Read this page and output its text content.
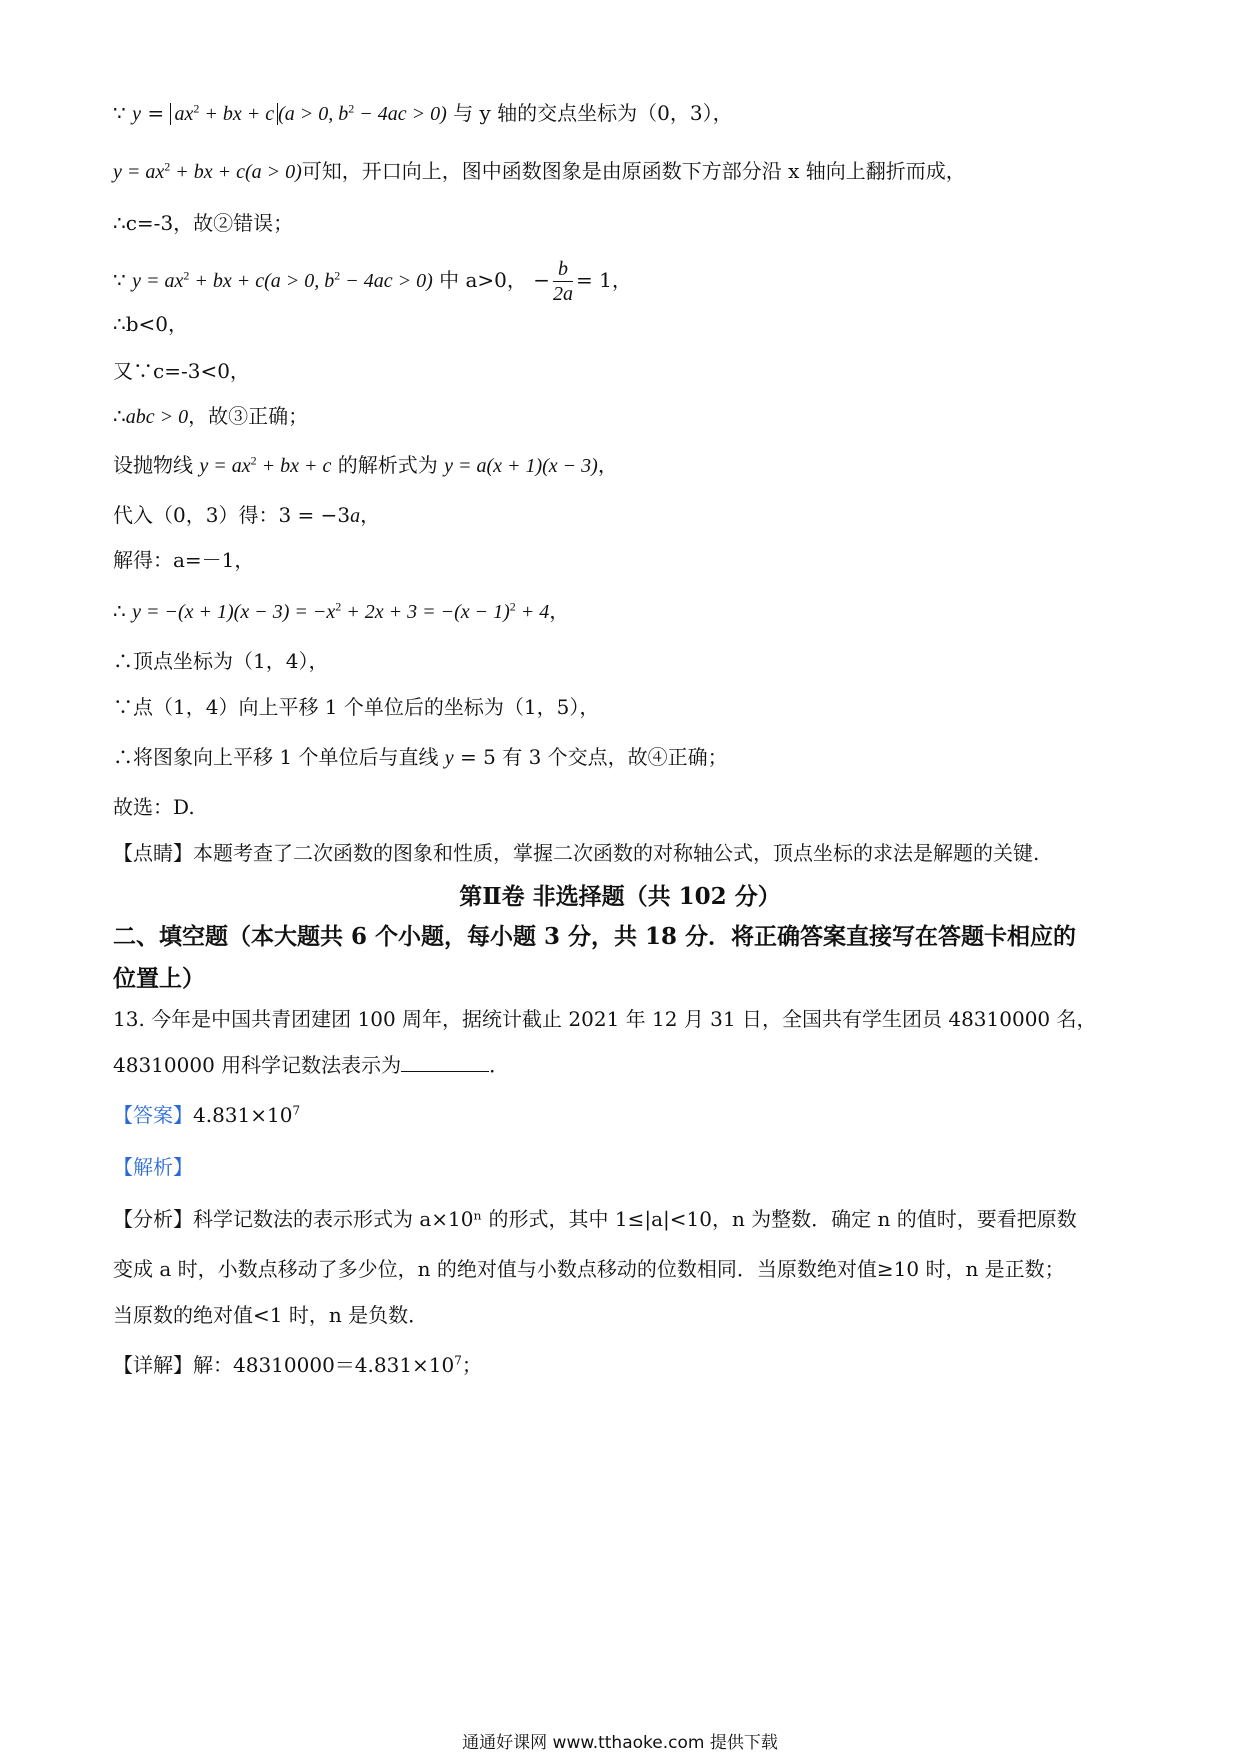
∵ $y = ax^2$ + bx + c (a > 0, $b^2 - 4ac > 0$) 与 y 轴的交点坐标为（0，3），
$y = ax^2$ + bx + c(a > 0)可知，开口向上，图中函数图象是由原函数下方部分沿 x 轴向上翻折而成，
∴c=-3，故②错误；
∵ $y = ax^2$ + bx + c(a > 0, $b^2 - 4ac > 0$) 中 a>0， − $\frac{b}{2a} = 1$，
∴b<0，
又∵c=-3<0，
∴abc > 0，故③正确；
设抛物线 $y = ax^2$ + bx + c 的解析式为 y = a(x + 1)(x − 3)，
代入（0，3）得：3 = −3a，
解得：a=－1，
∴ $y = -(x + 1)(x - 3) = -x^2 + 2x + 3 = -(x - 1)^2 + 4$，
∴顶点坐标为（1，4），
∵点（1，4）向上平移 1 个单位后的坐标为（1，5），
∴将图象向上平移 1 个单位后与直线 y = 5 有 3 个交点，故④正确；
故选：D.
【点睛】本题考查了二次函数的图象和性质，掌握二次函数的对称轴公式，顶点坐标的求法是解题的关键.
第Ⅱ卷 非选择题（共 102 分）
二、填空题（本大题共 6 个小题，每小题 3 分，共 18 分．将正确答案直接写在答题卡相应的
位置上）
13. 今年是中国共青团建团 100 周年，据统计截止 2021 年 12 月 31 日，全国共有学生团员 48310000 名，
48310000 用科学记数法表示为	．
【答案】$4.831\times 10^7$
【解析】
【分析】科学记数法的表示形式为 a×10ⁿ 的形式，其中 1≤|a|<10，n 为整数．确定 n 的值时，要看把原数
变成 a 时，小数点移动了多少位，n 的绝对值与小数点移动的位数相同．当原数绝对值≥10 时，n 是正数；
当原数的绝对值<1 时，n 是负数．
【详解】解：$48310000=4.831\times 10^7$；
通通好课网 www.tthaoke.com 提供下载
